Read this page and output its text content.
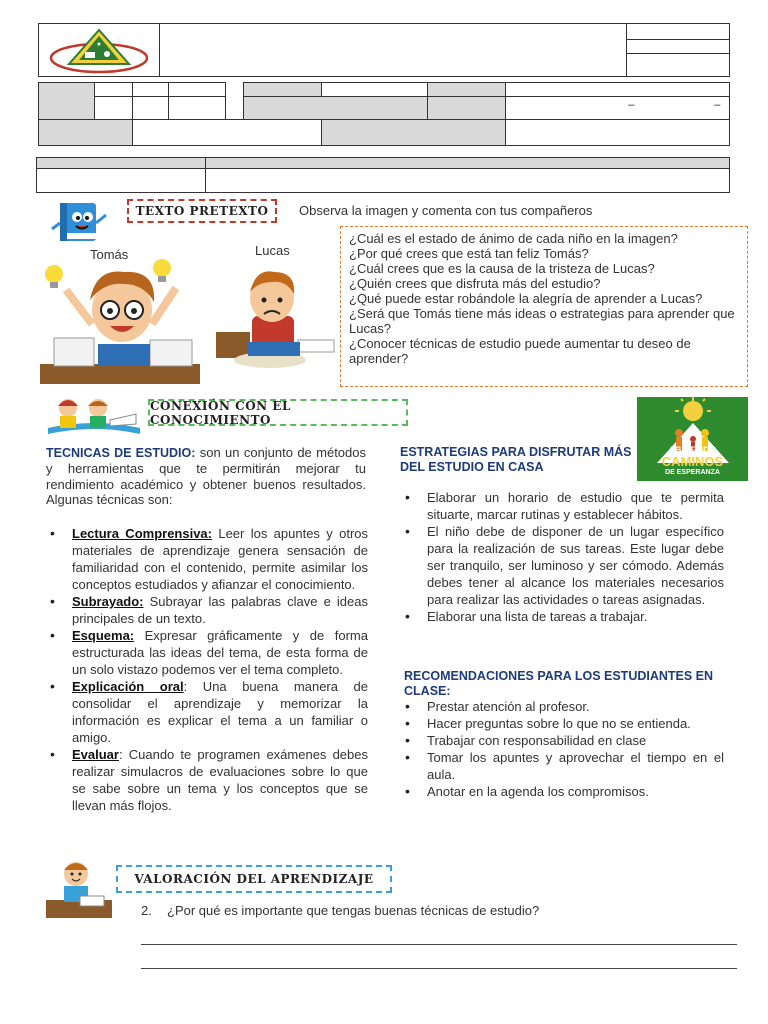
★

								– –

TEXTO PRETEXTO	Observa la imagen y comenta con tus compañeros
Tomás	Lucas
¿Cuál es el estado de ánimo de cada niño en la imagen?
¿Por qué crees que está tan feliz Tomás?
¿Cuál crees que es la causa de la tristeza de Lucas?
¿Quién crees que disfruta más del estudio?
¿Qué puede estar robándole la alegría de aprender a Lucas?
¿Será que Tomás tiene más ideas o estrategias para aprender que Lucas?
¿Conocer técnicas de estudio puede aumentar tu deseo de aprender?
CONEXIÓN CON EL CONOCIMIENTO
TECNICAS DE ESTUDIO: son un conjunto de métodos y herramientas que te permitirán mejorar tu rendimiento académico y obtener buenos resultados. Algunas técnicas son:
• Lectura Comprensiva: Leer los apuntes y otros materiales de aprendizaje genera sensación de familiaridad con el contenido, permite asimilar los conceptos estudiados y afianzar el conocimiento.
• Subrayado: Subrayar las palabras clave e ideas principales de un texto.
• Esquema: Expresar gráficamente y de forma estructurada las ideas del tema, de esta forma de un solo vistazo podemos ver el tema completo.
• Explicación oral: Una buena manera de consolidar el aprendizaje y memorizar la información es explicar el tema a un familiar o amigo.
• Evaluar: Cuando te programen exámenes debes realizar simulacros de evaluaciones sobre lo que se sabe sobre un tema y los conceptos que se llevan más flojos.
ESTRATEGIAS PARA DISFRUTAR MÁS DEL ESTUDIO EN CASA
ABRIENDO
CAMINOS
DE ESPERANZA
• Elaborar un horario de estudio que te permita situarte, marcar rutinas y establecer hábitos.
• El niño debe de disponer de un lugar específico para la realización de sus tareas. Este lugar debe ser tranquilo, ser luminoso y ser cómodo. Además debes tener al alcance los materiales necesarios para realizar las actividades o tareas asignadas.
• Elaborar una lista de tareas a trabajar.
RECOMENDACIONES PARA LOS ESTUDIANTES EN CLASE:
• Prestar atención al profesor.
• Hacer preguntas sobre lo que no se entienda.
• Trabajar con responsabilidad en clase
• Tomar los apuntes y aprovechar el tiempo en el aula.
• Anotar en la agenda los compromisos.
VALORACIÓN DEL APRENDIZAJE
2. ¿Por qué es importante que tengas buenas técnicas de estudio?
